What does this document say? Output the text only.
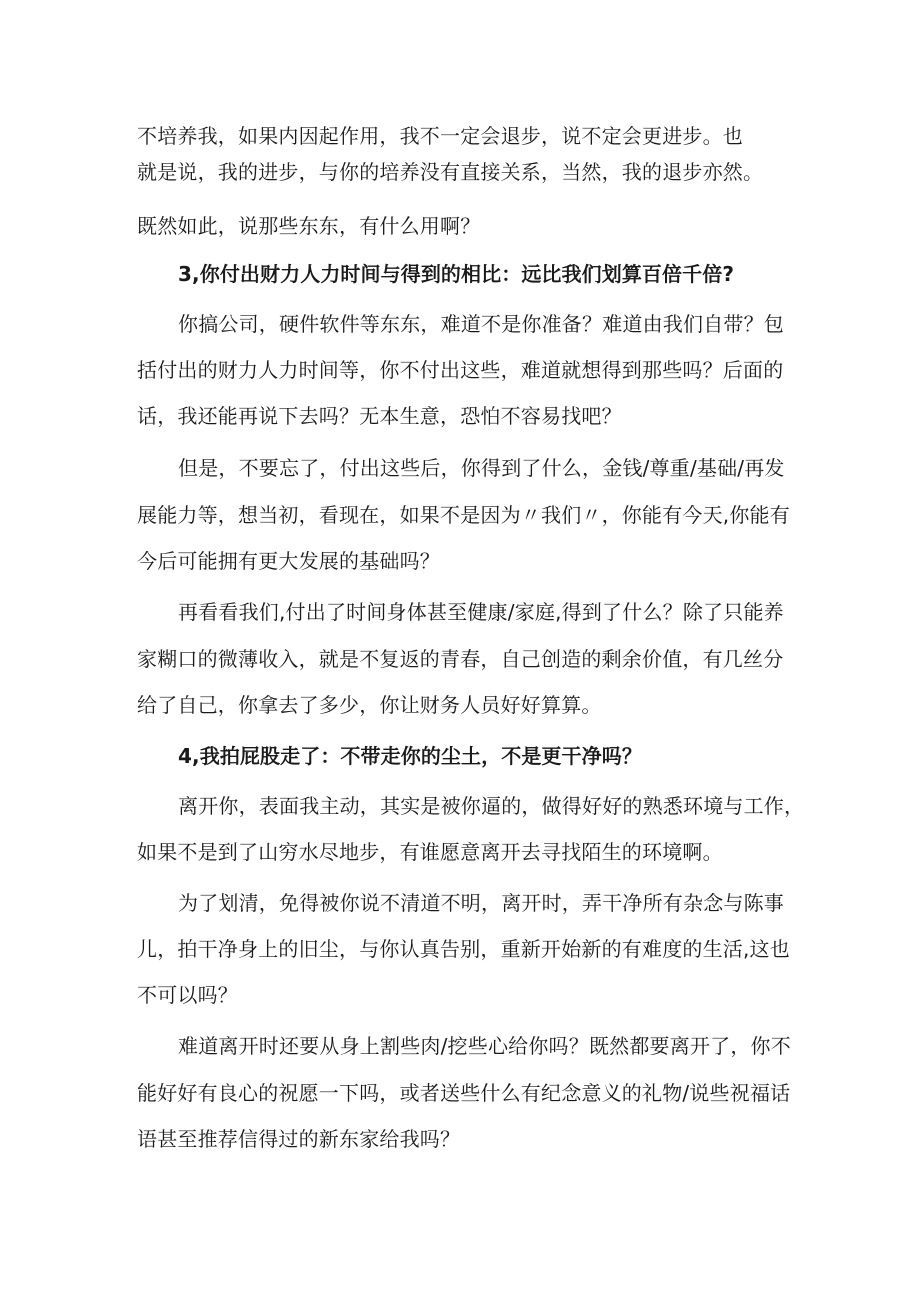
不培养我，如果内因起作用，我不一定会退步，说不定会更进步。也

就是说，我的进步，与你的培养没有直接关系，当然，我的退步亦然。

既然如此，说那些东东，有什么用啊？

3,你付出财力人力时间与得到的相比：远比我们划算百倍千倍?

你搞公司，硬件软件等东东，难道不是你准备？难道由我们自带？包

括付出的财力人力时间等，你不付出这些，难道就想得到那些吗？后面的

话，我还能再说下去吗？无本生意，恐怕不容易找吧？

但是，不要忘了，付出这些后，你得到了什么，金钱/尊重/基础/再发

展能力等，想当初，看现在，如果不是因为〃我们〃，你能有今天,你能有

今后可能拥有更大发展的基础吗？

再看看我们,付出了时间身体甚至健康/家庭,得到了什么？除了只能养

家糊口的微薄收入，就是不复返的青春，自己创造的剩余价值，有几丝分

给了自己，你拿去了多少，你让财务人员好好算算。

4,我拍屁股走了：不带走你的尘土，不是更干净吗？

离开你，表面我主动，其实是被你逼的，做得好好的熟悉环境与工作，

如果不是到了山穷水尽地步，有谁愿意离开去寻找陌生的环境啊。

为了划清，免得被你说不清道不明，离开时，弄干净所有杂念与陈事

儿，拍干净身上的旧尘，与你认真告别，重新开始新的有难度的生活,这也

不可以吗？

难道离开时还要从身上割些肉/挖些心给你吗？既然都要离开了，你不

能好好有良心的祝愿一下吗，或者送些什么有纪念意义的礼物/说些祝福话

语甚至推荐信得过的新东家给我吗？
